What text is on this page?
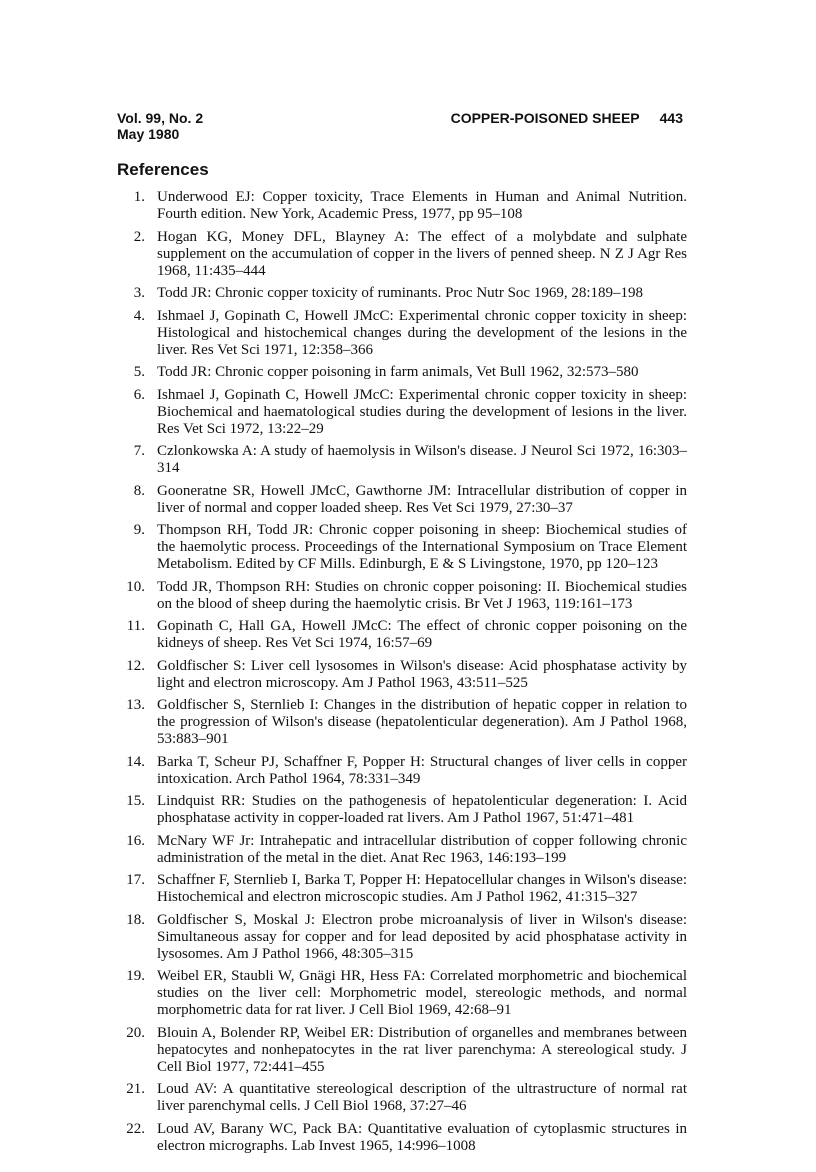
Vol. 99, No. 2
May 1980
COPPER-POISONED SHEEP 443
References
1. Underwood EJ: Copper toxicity, Trace Elements in Human and Animal Nutrition. Fourth edition. New York, Academic Press, 1977, pp 95–108
2. Hogan KG, Money DFL, Blayney A: The effect of a molybdate and sulphate supplement on the accumulation of copper in the livers of penned sheep. N Z J Agr Res 1968, 11:435–444
3. Todd JR: Chronic copper toxicity of ruminants. Proc Nutr Soc 1969, 28:189–198
4. Ishmael J, Gopinath C, Howell JMcC: Experimental chronic copper toxicity in sheep: Histological and histochemical changes during the development of the lesions in the liver. Res Vet Sci 1971, 12:358–366
5. Todd JR: Chronic copper poisoning in farm animals, Vet Bull 1962, 32:573–580
6. Ishmael J, Gopinath C, Howell JMcC: Experimental chronic copper toxicity in sheep: Biochemical and haematological studies during the development of lesions in the liver. Res Vet Sci 1972, 13:22–29
7. Czlonkowska A: A study of haemolysis in Wilson's disease. J Neurol Sci 1972, 16:303–314
8. Gooneratne SR, Howell JMcC, Gawthorne JM: Intracellular distribution of copper in liver of normal and copper loaded sheep. Res Vet Sci 1979, 27:30–37
9. Thompson RH, Todd JR: Chronic copper poisoning in sheep: Biochemical studies of the haemolytic process. Proceedings of the International Symposium on Trace Element Metabolism. Edited by CF Mills. Edinburgh, E & S Livingstone, 1970, pp 120–123
10. Todd JR, Thompson RH: Studies on chronic copper poisoning: II. Biochemical studies on the blood of sheep during the haemolytic crisis. Br Vet J 1963, 119:161–173
11. Gopinath C, Hall GA, Howell JMcC: The effect of chronic copper poisoning on the kidneys of sheep. Res Vet Sci 1974, 16:57–69
12. Goldfischer S: Liver cell lysosomes in Wilson's disease: Acid phosphatase activity by light and electron microscopy. Am J Pathol 1963, 43:511–525
13. Goldfischer S, Sternlieb I: Changes in the distribution of hepatic copper in relation to the progression of Wilson's disease (hepatolenticular degeneration). Am J Pathol 1968, 53:883–901
14. Barka T, Scheur PJ, Schaffner F, Popper H: Structural changes of liver cells in copper intoxication. Arch Pathol 1964, 78:331–349
15. Lindquist RR: Studies on the pathogenesis of hepatolenticular degeneration: I. Acid phosphatase activity in copper-loaded rat livers. Am J Pathol 1967, 51:471–481
16. McNary WF Jr: Intrahepatic and intracellular distribution of copper following chronic administration of the metal in the diet. Anat Rec 1963, 146:193–199
17. Schaffner F, Sternlieb I, Barka T, Popper H: Hepatocellular changes in Wilson's disease: Histochemical and electron microscopic studies. Am J Pathol 1962, 41:315–327
18. Goldfischer S, Moskal J: Electron probe microanalysis of liver in Wilson's disease: Simultaneous assay for copper and for lead deposited by acid phosphatase activity in lysosomes. Am J Pathol 1966, 48:305–315
19. Weibel ER, Staubli W, Gnägi HR, Hess FA: Correlated morphometric and biochemical studies on the liver cell: Morphometric model, stereologic methods, and normal morphometric data for rat liver. J Cell Biol 1969, 42:68–91
20. Blouin A, Bolender RP, Weibel ER: Distribution of organelles and membranes between hepatocytes and nonhepatocytes in the rat liver parenchyma: A stereological study. J Cell Biol 1977, 72:441–455
21. Loud AV: A quantitative stereological description of the ultrastructure of normal rat liver parenchymal cells. J Cell Biol 1968, 37:27–46
22. Loud AV, Barany WC, Pack BA: Quantitative evaluation of cytoplasmic structures in electron micrographs. Lab Invest 1965, 14:996–1008
